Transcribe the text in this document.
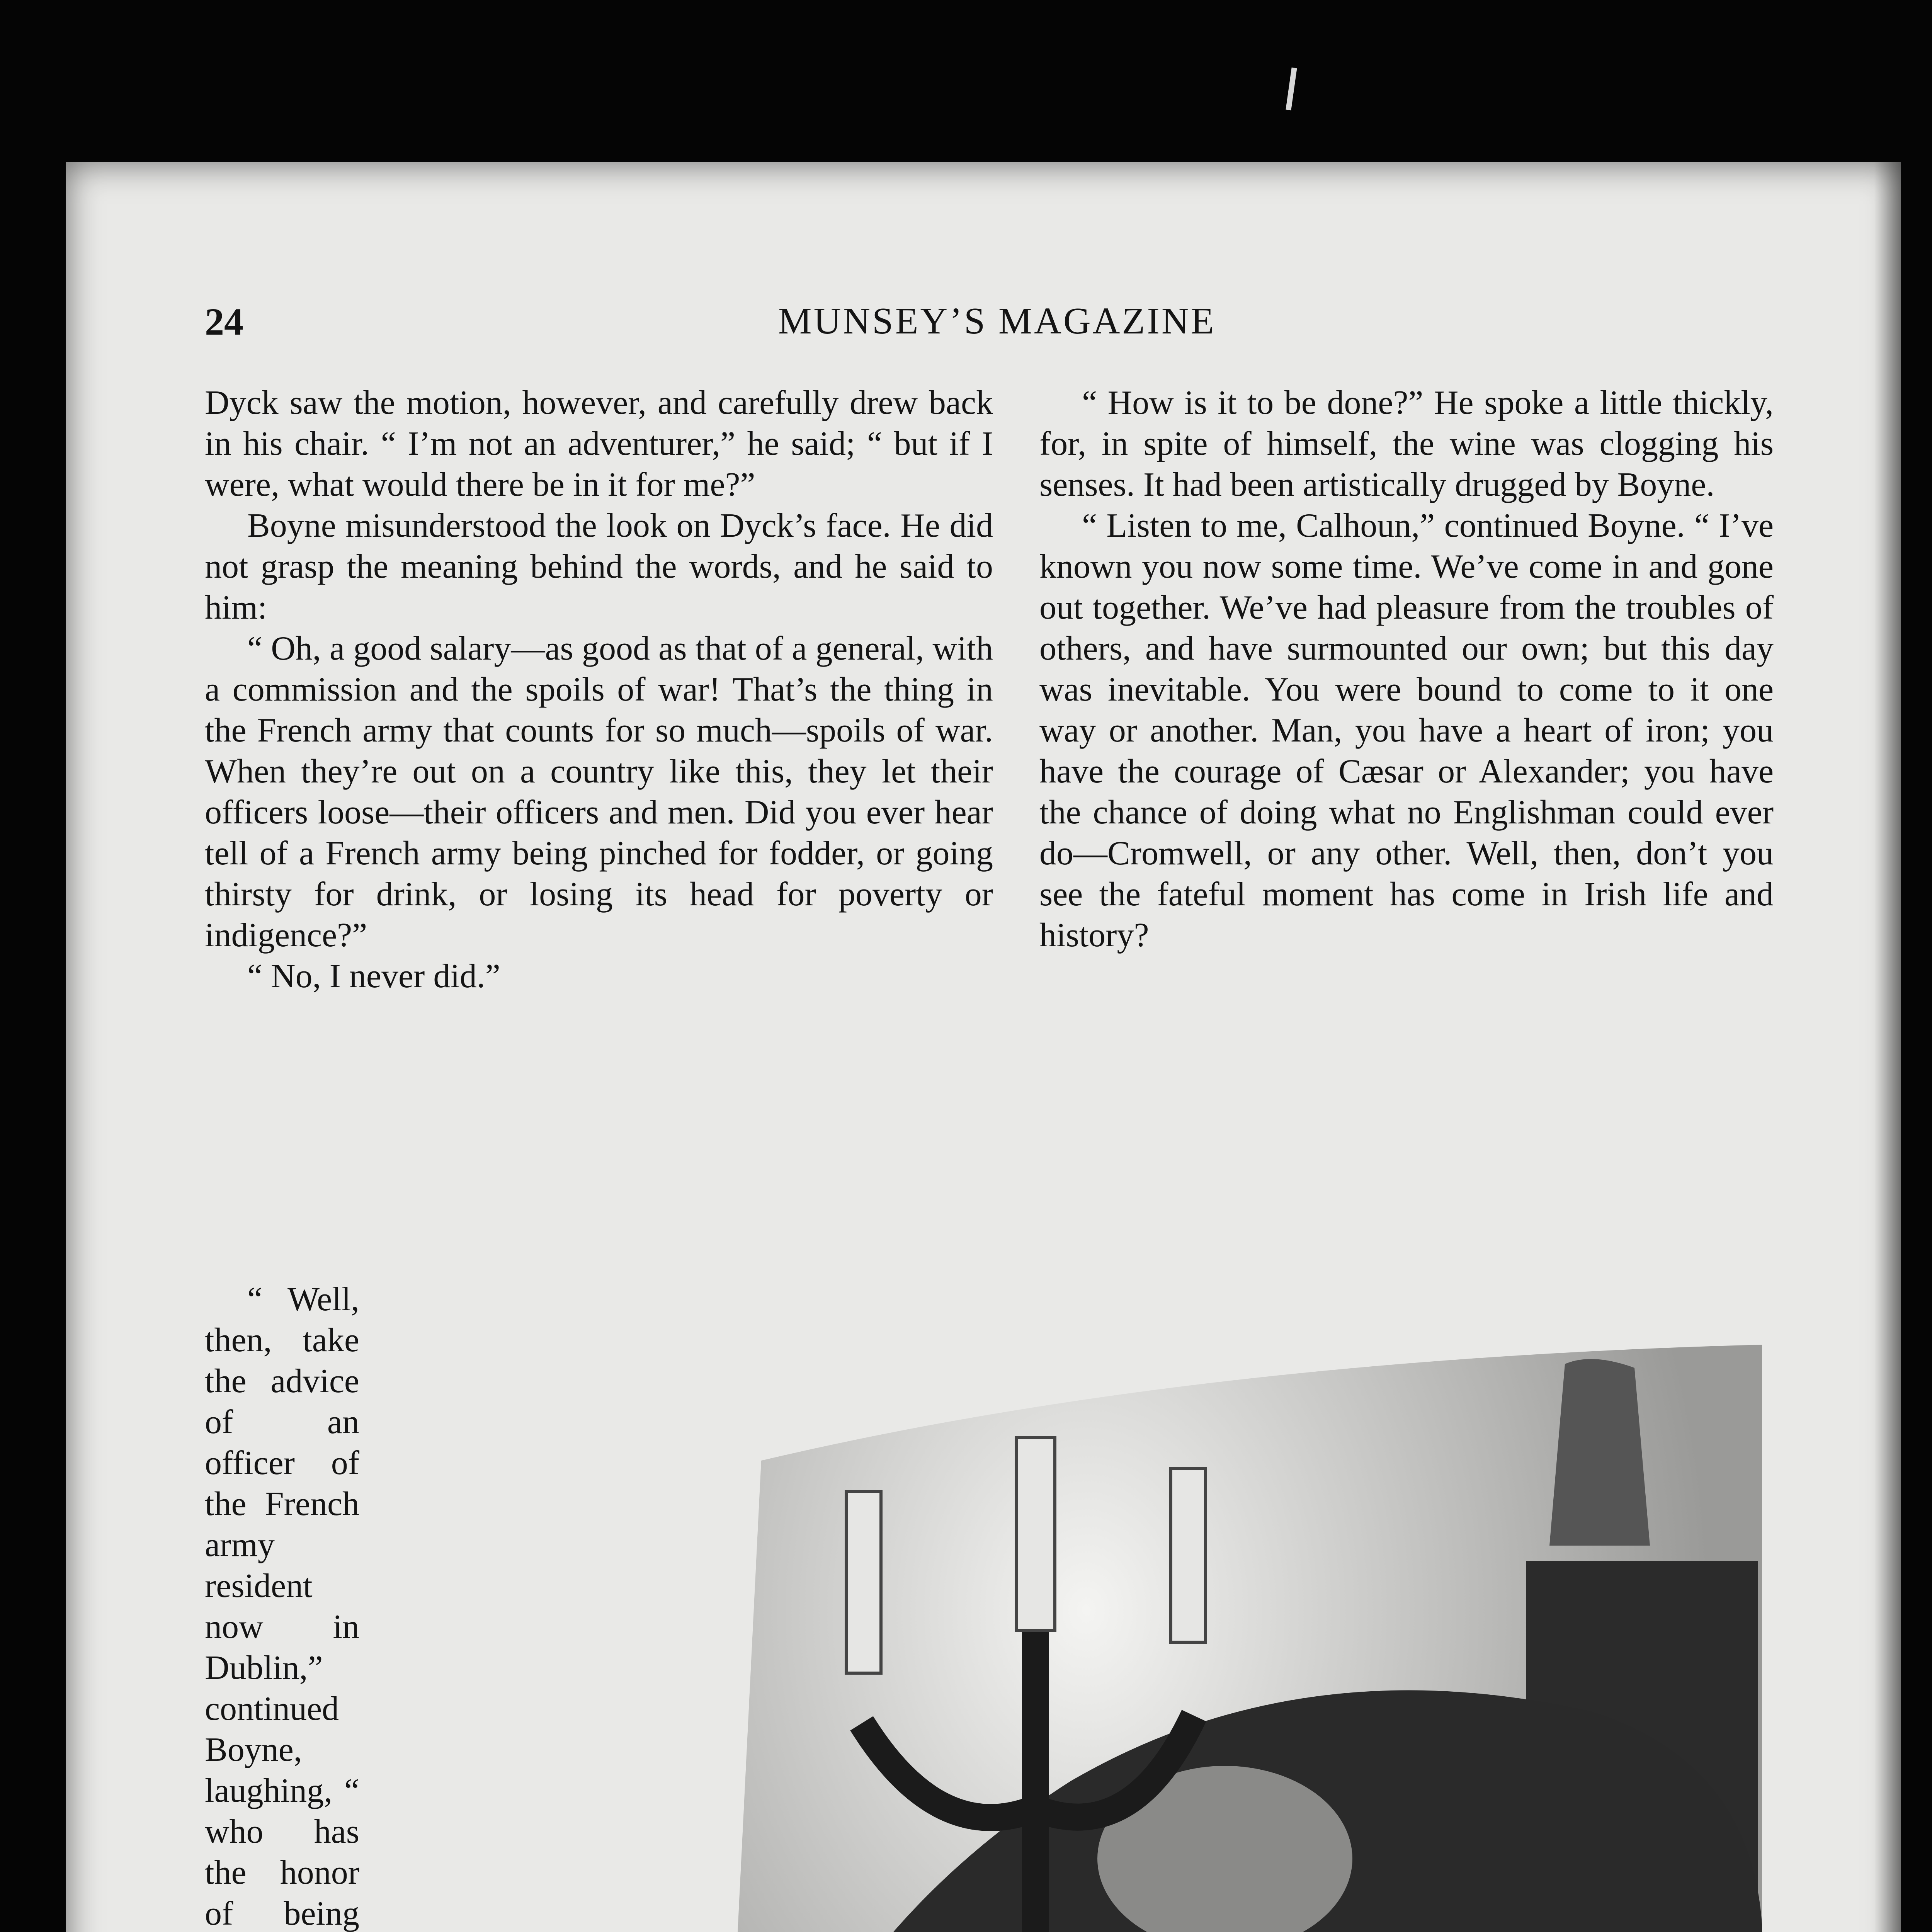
24	MUNSEY’S MAGAZINE

Dyck saw the motion, however, and carefully drew back in his chair. “ I’m not an adventurer,” he said; “ but if I were, what would there be in it for me?”

Boyne misunderstood the look on Dyck’s face. He did not grasp the meaning behind the words, and he said to him:

“ Oh, a good salary—as good as that of a general, with a commission and the spoils of war! That’s the thing in the French army that counts for so much—spoils of war. When they’re out on a country like this, they let their officers loose—their officers and men. Did you ever hear tell of a French army being pinched for fodder, or going thirsty for drink, or losing its head for poverty or indigence?”

“ No, I never did.”

“ Well, then, take the advice of an officer of the French army resident now in Dublin,” continued Boyne, laughing, “ who has the honor of being

“ How is it to be done?” He spoke a little thickly, for, in spite of himself, the wine was clogging his senses. It had been artistically drugged by Boyne.

“ Listen to me, Calhoun,” continued Boyne. “ I’ve known you now some time. We’ve come in and gone out together. We’ve had pleasure from the troubles of others, and have surmounted our own; but this day was inevitable. You were bound to come to it one way or another. Man, you have a heart of iron; you have the courage of Cæsar or Alexander; you have the chance of doing what no Englishman could ever do—Cromwell, or any other. Well, then, don’t you see the fateful moment has come in Irish life and history?
